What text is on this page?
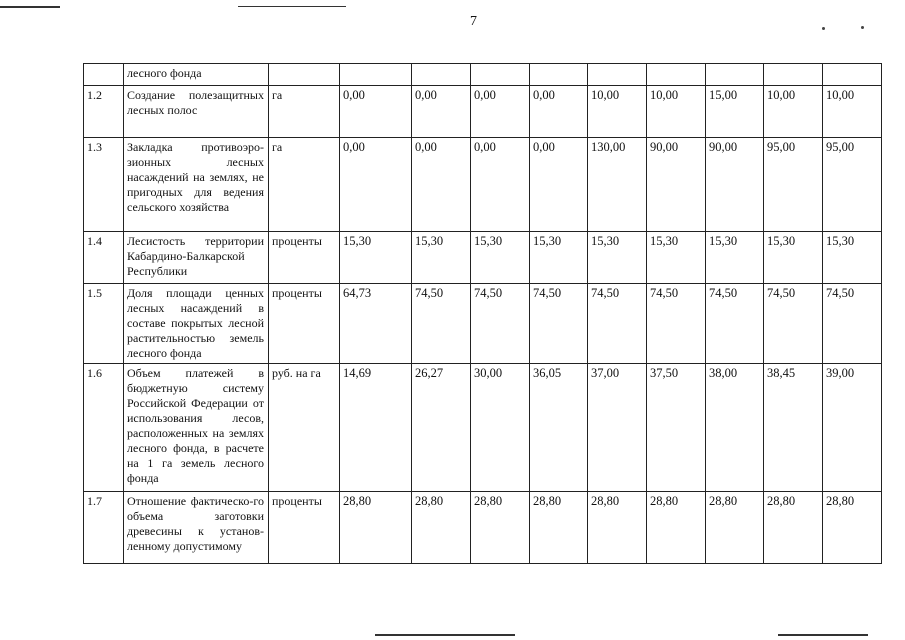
7
	лесного фонда										
1.2	Создание полезащитных лесных полос	га	0,00	0,00	0,00	0,00	10,00	10,00	15,00	10,00	10,00
1.3	Закладка противоэро-зионных лесных насаждений на землях, не пригодных для ведения сельского хозяйства	га	0,00	0,00	0,00	0,00	130,00	90,00	90,00	95,00	95,00
1.4	Лесистость территории Кабардино-Балкарской Республики	проценты	15,30	15,30	15,30	15,30	15,30	15,30	15,30	15,30	15,30
1.5	Доля площади ценных лесных насаждений в составе покрытых лесной растительностью земель лесного фонда	проценты	64,73	74,50	74,50	74,50	74,50	74,50	74,50	74,50	74,50
1.6	Объем платежей в бюджетную систему Российской Федерации от использования лесов, расположенных на землях лесного фонда, в расчете на 1 га земель лесного фонда	руб. на га	14,69	26,27	30,00	36,05	37,00	37,50	38,00	38,45	39,00
1.7	Отношение фактическо-го объема заготовки древесины к установ-ленному допустимому	проценты	28,80	28,80	28,80	28,80	28,80	28,80	28,80	28,80	28,80
